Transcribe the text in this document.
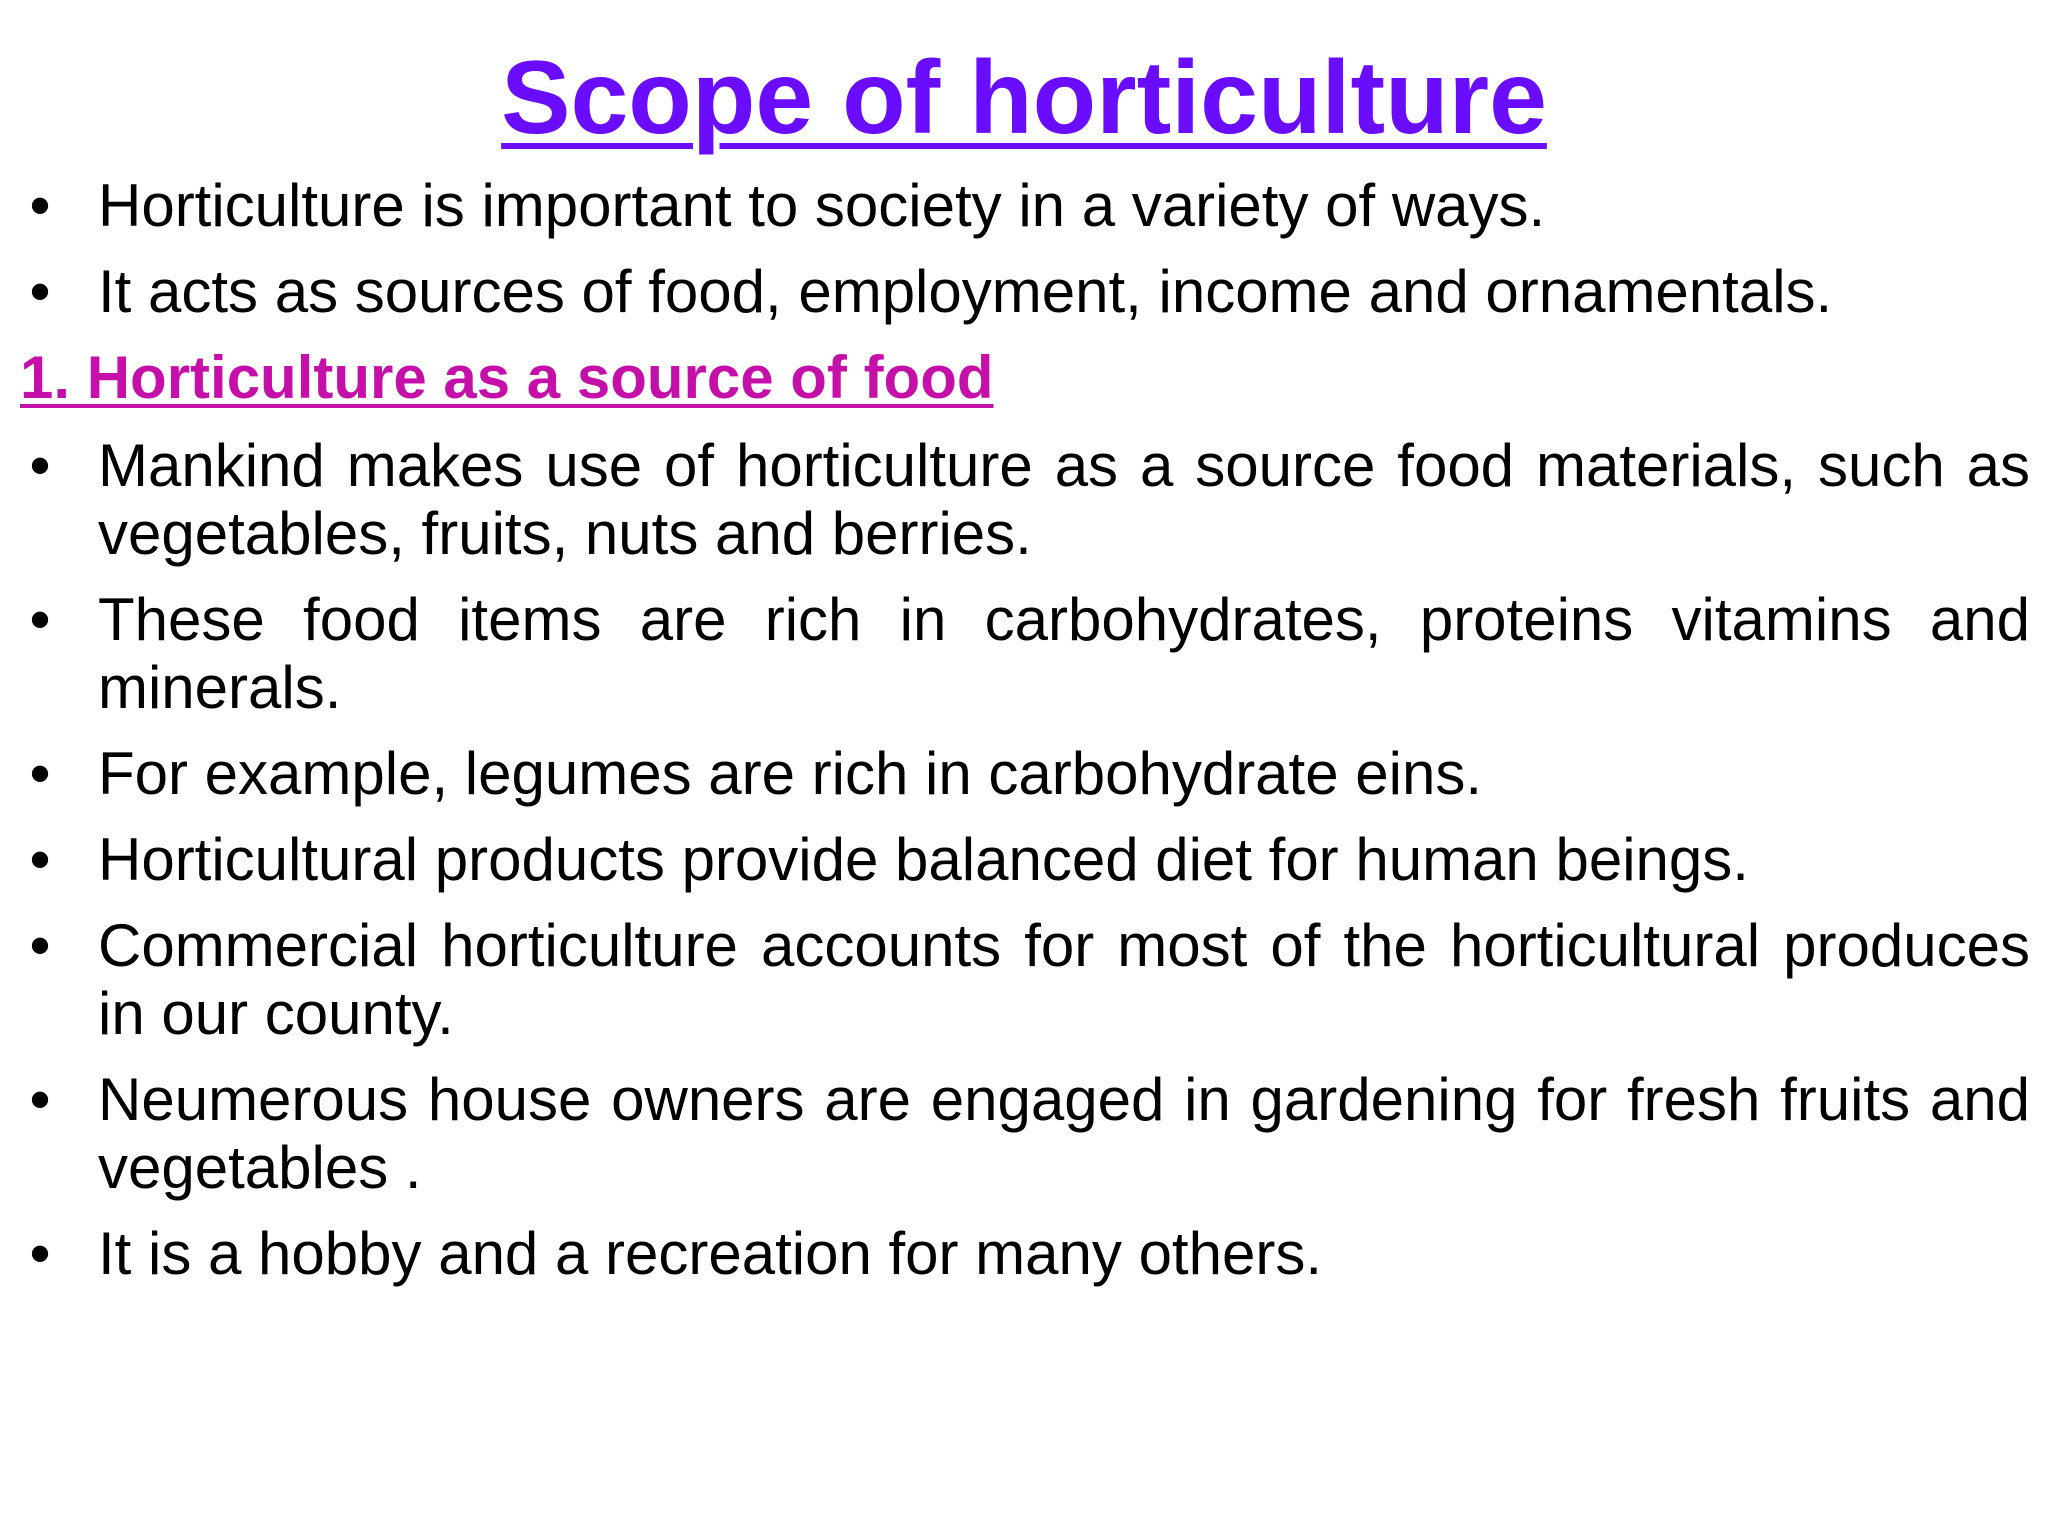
Scope of horticulture
• Horticulture is important to society in a variety of ways.
• It acts as sources of food, employment, income and ornamentals.
1. Horticulture as a source of food
• Mankind makes use of horticulture as a source food materials, such as vegetables, fruits, nuts and berries.
• These food items are rich in carbohydrates, proteins vitamins and minerals.
• For example, legumes are rich in carbohydrate eins.
• Horticultural products provide balanced diet for human beings.
• Commercial horticulture accounts for most of the horticultural produces in our county.
• Neumerous house owners are engaged in gardening for fresh fruits and vegetables .
• It is a hobby and a recreation for many others.
